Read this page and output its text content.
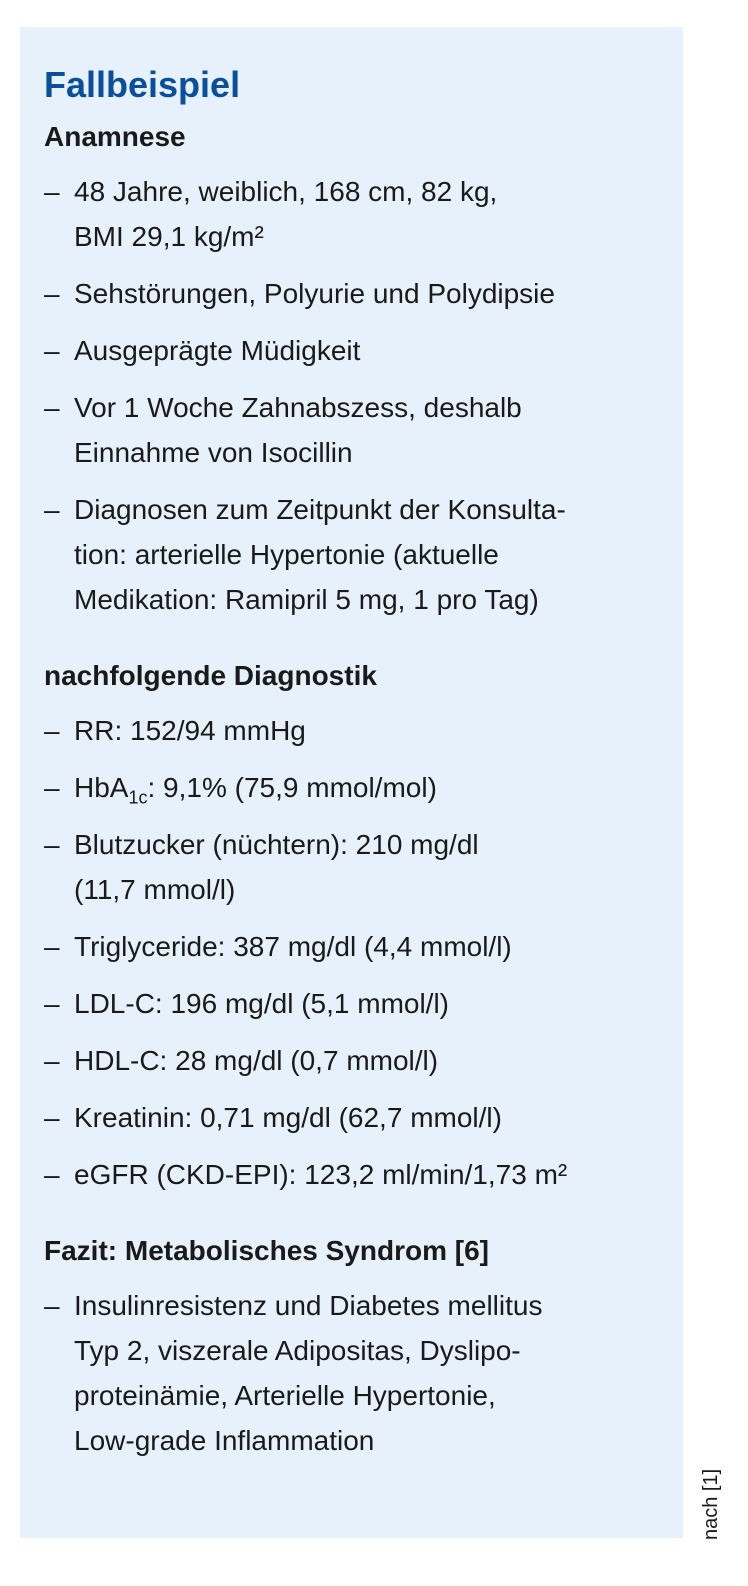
Fallbeispiel
Anamnese
– 48 Jahre, weiblich, 168 cm, 82 kg,
BMI 29,1 kg/m²
– Sehstörungen, Polyurie und Polydipsie
– Ausgeprägte Müdigkeit
– Vor 1 Woche Zahnabszess, deshalb
Einnahme von Isocillin
– Diagnosen zum Zeitpunkt der Konsulta-
tion: arterielle Hypertonie (aktuelle
Medikation: Ramipril 5 mg, 1 pro Tag)
nachfolgende Diagnostik
– RR: 152/94 mmHg
– HbA$_{1c}$: 9,1% (75,9 mmol/mol)
– Blutzucker (nüchtern): 210 mg/dl
(11,7 mmol/l)
– Triglyceride: 387 mg/dl (4,4 mmol/l)
– LDL-C: 196 mg/dl (5,1 mmol/l)
– HDL-C: 28 mg/dl (0,7 mmol/l)
– Kreatinin: 0,71 mg/dl (62,7 mmol/l)
– eGFR (CKD-EPI): 123,2 ml/min/1,73 m²
Fazit: Metabolisches Syndrom [6]
– Insulinresistenz und Diabetes mellitus
Typ 2, viszerale Adipositas, Dyslipo-
proteinämie, Arterielle Hypertonie,
Low-grade Inflammation
nach [1]
